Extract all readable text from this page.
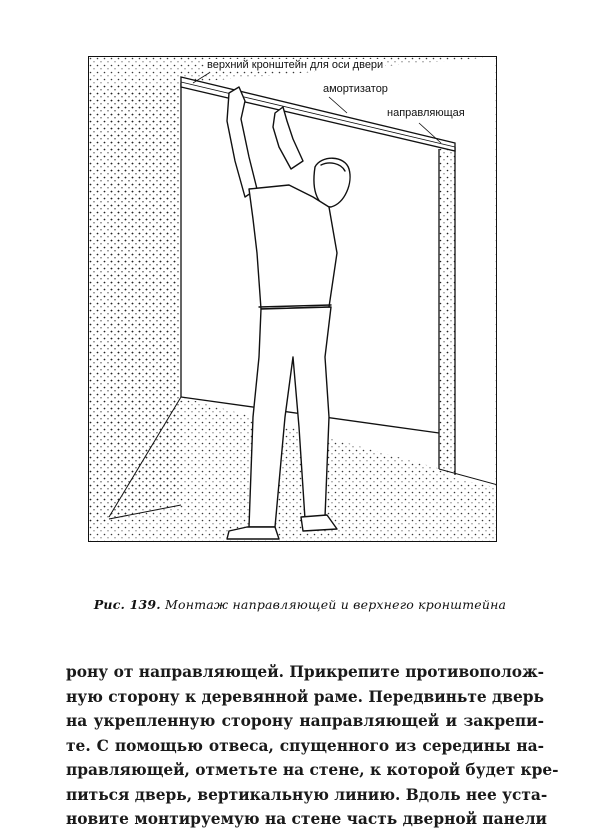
верхний кронштейн для оси двери
амортизатор
направляющая
Рис. 139. Монтаж направляющей и верхнего кронштейна
рону от направляющей. Прикрепите противополож-
ную сторону к деревянной раме. Передвиньте дверь
на укрепленную сторону направляющей и закрепи-
те. С помощью отвеса, спущенного из середины на-
правляющей, отметьте на стене, к которой будет кре-
питься дверь, вертикальную линию. Вдоль нее уста-
новите монтируемую на стене часть дверной панели
